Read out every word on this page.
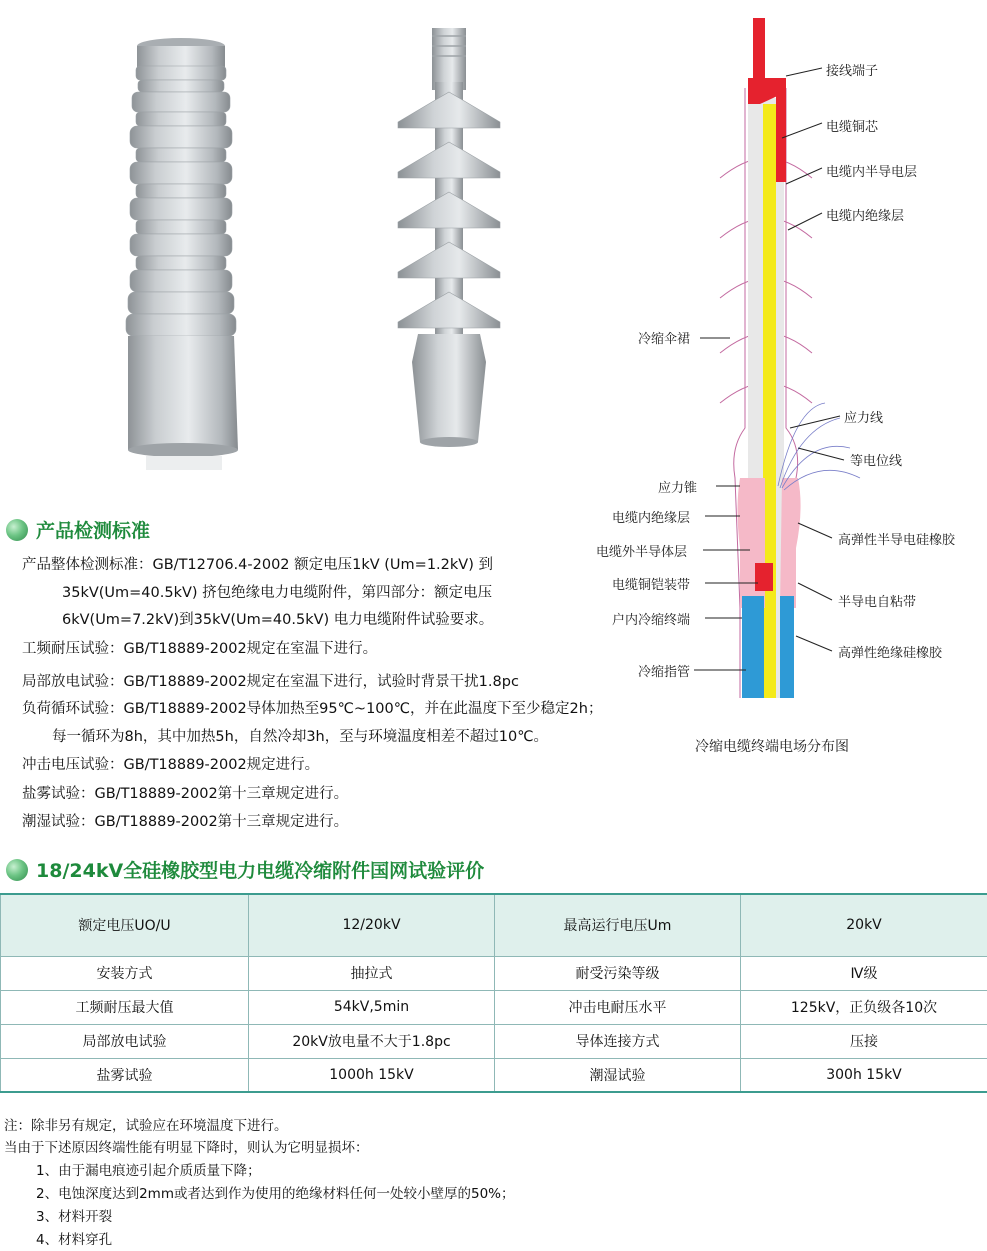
接线端子
电缆铜芯
电缆内半导电层
电缆内绝缘层
冷缩伞裙
应力线
等电位线
应力锥
电缆内绝缘层
电缆外半导体层
电缆铜铠装带
户内冷缩终端
冷缩指管
高弹性半导电硅橡胶
半导电自粘带
高弹性绝缘硅橡胶
冷缩电缆终端电场分布图
产品检测标准
产品整体检测标准：GB/T12706.4-2002 额定电压1kV (Um=1.2kV) 到
35kV(Um=40.5kV) 挤包绝缘电力电缆附件，第四部分：额定电压
6kV(Um=7.2kV)到35kV(Um=40.5kV) 电力电缆附件试验要求。
工频耐压试验：GB/T18889-2002规定在室温下进行。
局部放电试验：GB/T18889-2002规定在室温下进行，试验时背景干扰1.8pc
负荷循环试验：GB/T18889-2002导体加热至95℃~100℃，并在此温度下至少稳定2h；
每一循环为8h，其中加热5h，自然冷却3h，至与环境温度相差不超过10℃。
冲击电压试验：GB/T18889-2002规定进行。
盐雾试验：GB/T18889-2002第十三章规定进行。
潮湿试验：GB/T18889-2002第十三章规定进行。
18/24kV全硅橡胶型电力电缆冷缩附件国网试验评价
额定电压UO/U	12/20kV	最高运行电压Um	20kV
安装方式	抽拉式	耐受污染等级	Ⅳ级
工频耐压最大值	54kV,5min	冲击电耐压水平	125kV，正负级各10次
局部放电试验	20kV放电量不大于1.8pc	导体连接方式	压接
盐雾试验	1000h 15kV	潮湿试验	300h 15kV
注：除非另有规定，试验应在环境温度下进行。
当由于下述原因终端性能有明显下降时，则认为它明显损坏：
1、由于漏电痕迹引起介质质量下降；
2、电蚀深度达到2mm或者达到作为使用的绝缘材料任何一处较小壁厚的50%；
3、材料开裂
4、材料穿孔
